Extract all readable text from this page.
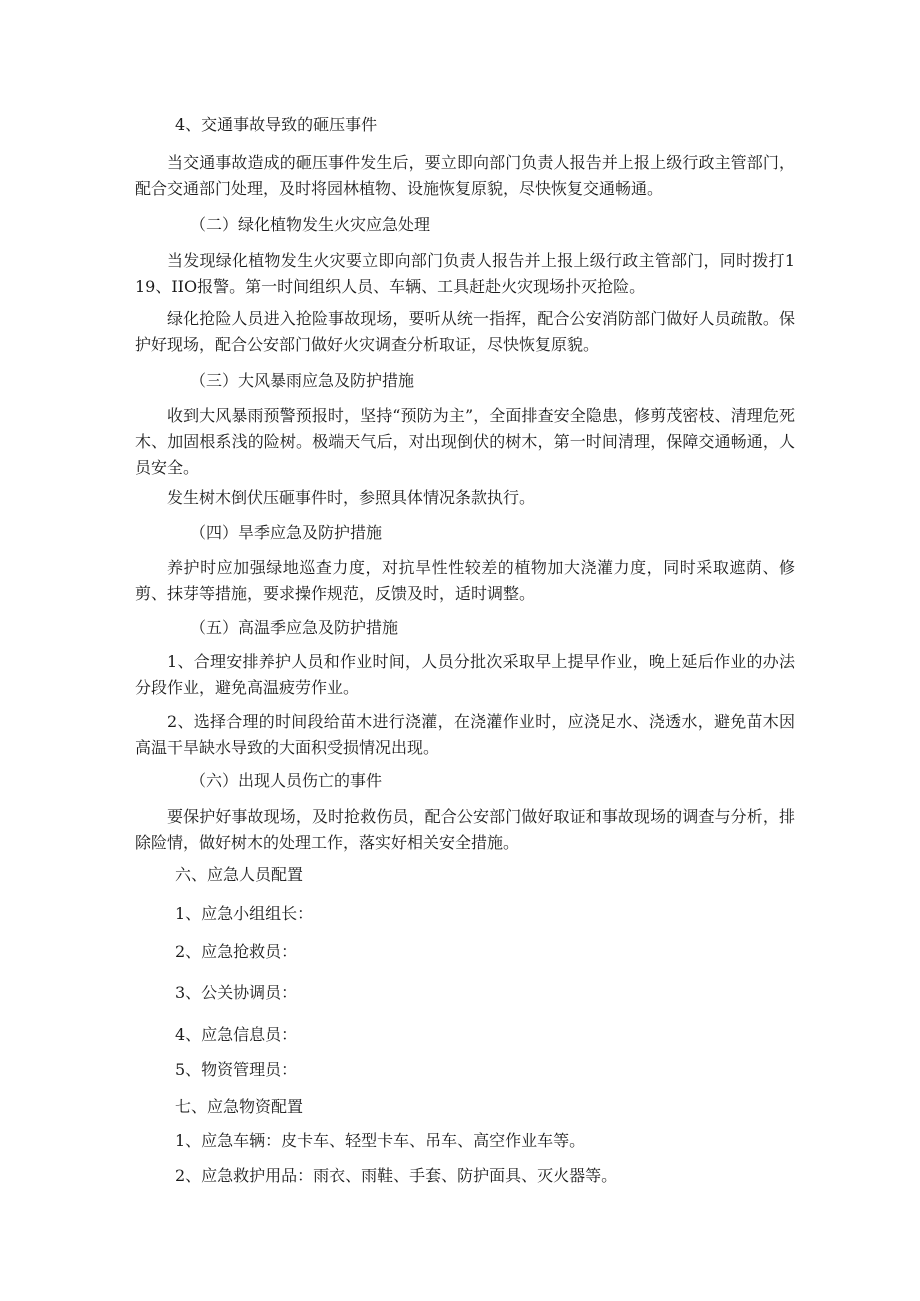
4、交通事故导致的砸压事件

当交通事故造成的砸压事件发生后，要立即向部门负责人报告并上报上级行政主管部门，配合交通部门处理，及时将园林植物、设施恢复原貌，尽快恢复交通畅通。

（二）绿化植物发生火灾应急处理

当发现绿化植物发生火灾要立即向部门负责人报告并上报上级行政主管部门，同时拨打119、IIO报警。第一时间组织人员、车辆、工具赶赴火灾现场扑灭抢险。

绿化抢险人员进入抢险事故现场，要听从统一指挥，配合公安消防部门做好人员疏散。保护好现场，配合公安部门做好火灾调查分析取证，尽快恢复原貌。

（三）大风暴雨应急及防护措施

收到大风暴雨预警预报时，坚持“预防为主”，全面排查安全隐患，修剪茂密枝、清理危死木、加固根系浅的险树。极端天气后，对出现倒伏的树木，第一时间清理，保障交通畅通，人员安全。

发生树木倒伏压砸事件时，参照具体情况条款执行。

（四）旱季应急及防护措施

养护时应加强绿地巡查力度，对抗旱性性较差的植物加大浇灌力度，同时采取遮荫、修剪、抹芽等措施，要求操作规范，反馈及时，适时调整。

（五）高温季应急及防护措施

1、合理安排养护人员和作业时间，人员分批次采取早上提早作业，晚上延后作业的办法分段作业，避免高温疲劳作业。

2、选择合理的时间段给苗木进行浇灌，在浇灌作业时，应浇足水、浇透水，避免苗木因高温干旱缺水导致的大面积受损情况出现。

（六）出现人员伤亡的事件

要保护好事故现场，及时抢救伤员，配合公安部门做好取证和事故现场的调查与分析，排除险情，做好树木的处理工作，落实好相关安全措施。

六、应急人员配置

1、应急小组组长：

2、应急抢救员：

3、公关协调员：

4、应急信息员：

5、物资管理员：

七、应急物资配置

1、应急车辆：皮卡车、轻型卡车、吊车、高空作业车等。

2、应急救护用品：雨衣、雨鞋、手套、防护面具、灭火器等。
